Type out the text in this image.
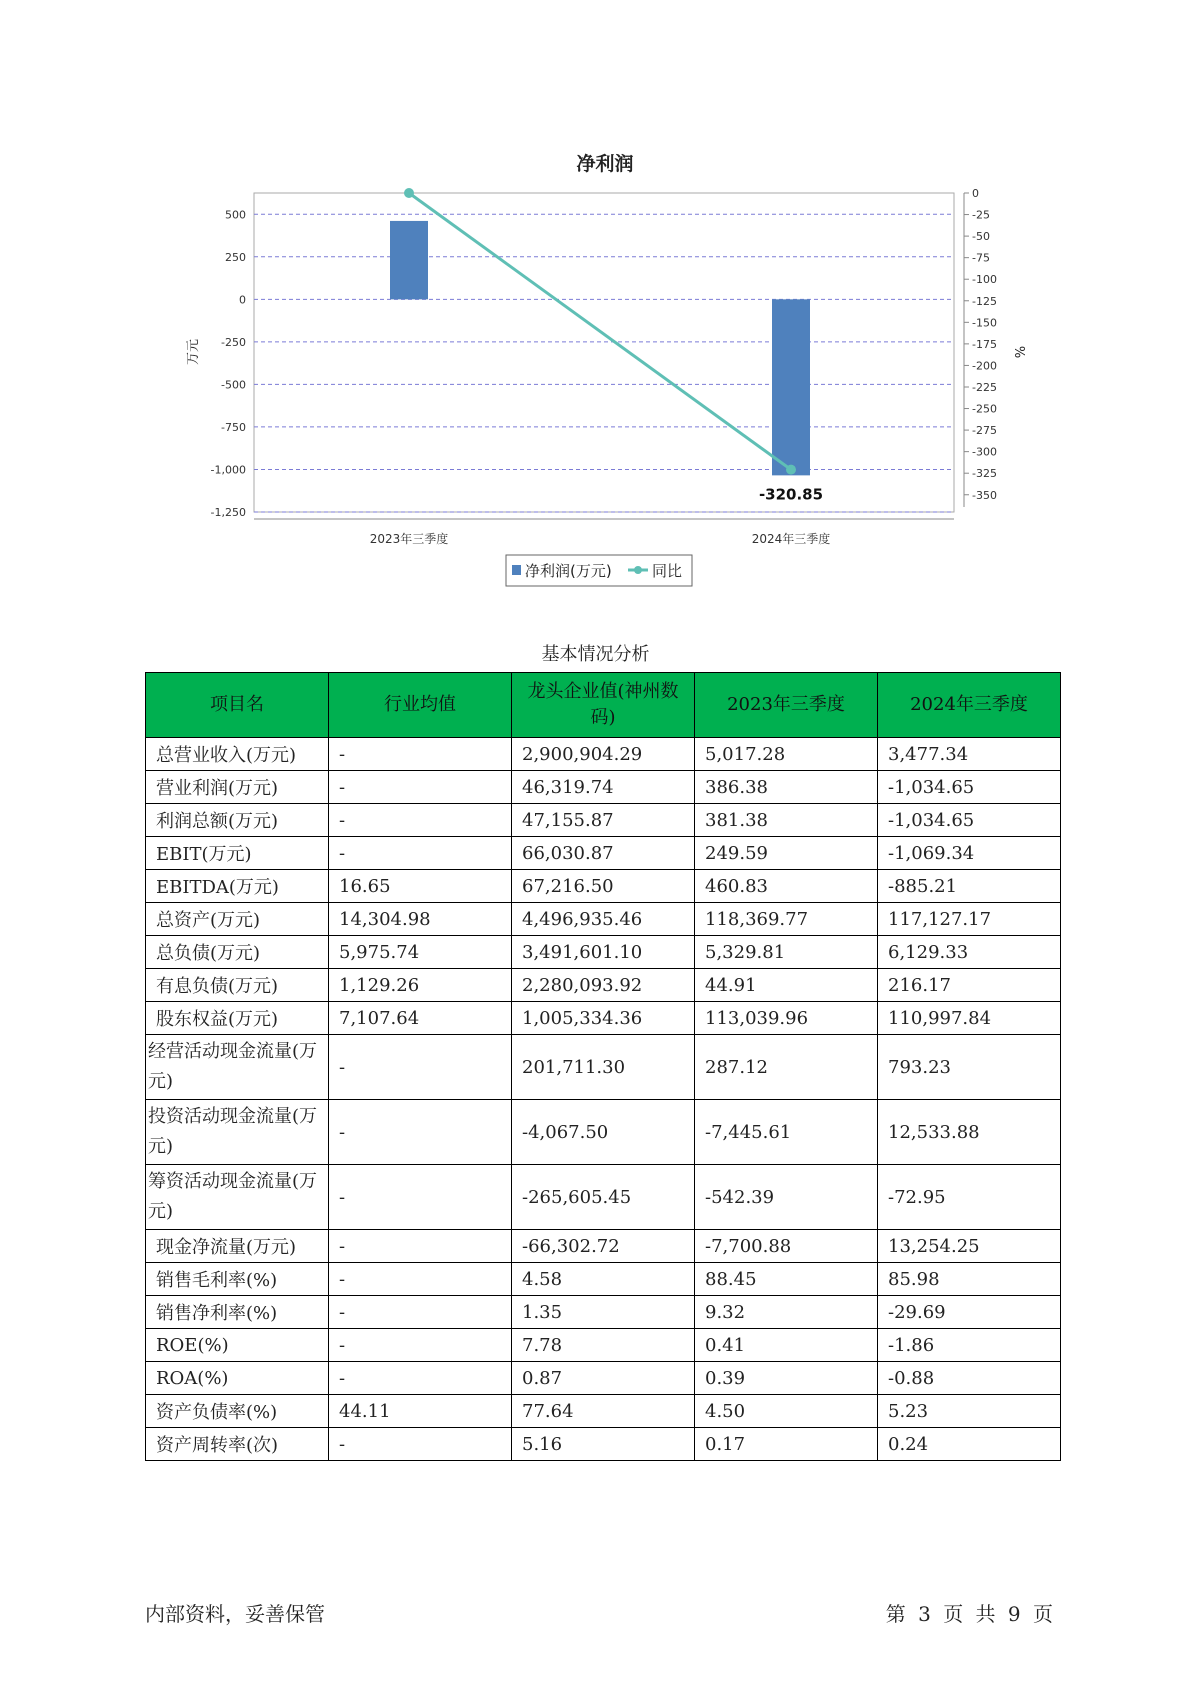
净利润
500
250
0
-250
-500
-750
-1,000
-1,250
0
-25
-50
-75
-100
-125
-150
-175
-200
-225
-250
-275
-300
-325
-350
-320.85
2023年三季度	2024年三季度
万元	%
净利润(万元)	同比
基本情况分析
项目名	行业均值	龙头企业值(神州数码)	2023年三季度	2024年三季度
总营业收入(万元)	-	2,900,904.29	5,017.28	3,477.34
营业利润(万元)	-	46,319.74	386.38	-1,034.65
利润总额(万元)	-	47,155.87	381.38	-1,034.65
EBIT(万元)	-	66,030.87	249.59	-1,069.34
EBITDA(万元)	16.65	67,216.50	460.83	-885.21
总资产(万元)	14,304.98	4,496,935.46	118,369.77	117,127.17
总负债(万元)	5,975.74	3,491,601.10	5,329.81	6,129.33
有息负债(万元)	1,129.26	2,280,093.92	44.91	216.17
股东权益(万元)	7,107.64	1,005,334.36	113,039.96	110,997.84
经营活动现金流量(万元)	-	201,711.30	287.12	793.23
投资活动现金流量(万元)	-	-4,067.50	-7,445.61	12,533.88
筹资活动现金流量(万元)	-	-265,605.45	-542.39	-72.95
现金净流量(万元)	-	-66,302.72	-7,700.88	13,254.25
销售毛利率(%)	-	4.58	88.45	85.98
销售净利率(%)	-	1.35	9.32	-29.69
ROE(%)	-	7.78	0.41	-1.86
ROA(%)	-	0.87	0.39	-0.88
资产负债率(%)	44.11	77.64	4.50	5.23
资产周转率(次)	-	5.16	0.17	0.24
内部资料，妥善保管	第 3 页 共 9 页
